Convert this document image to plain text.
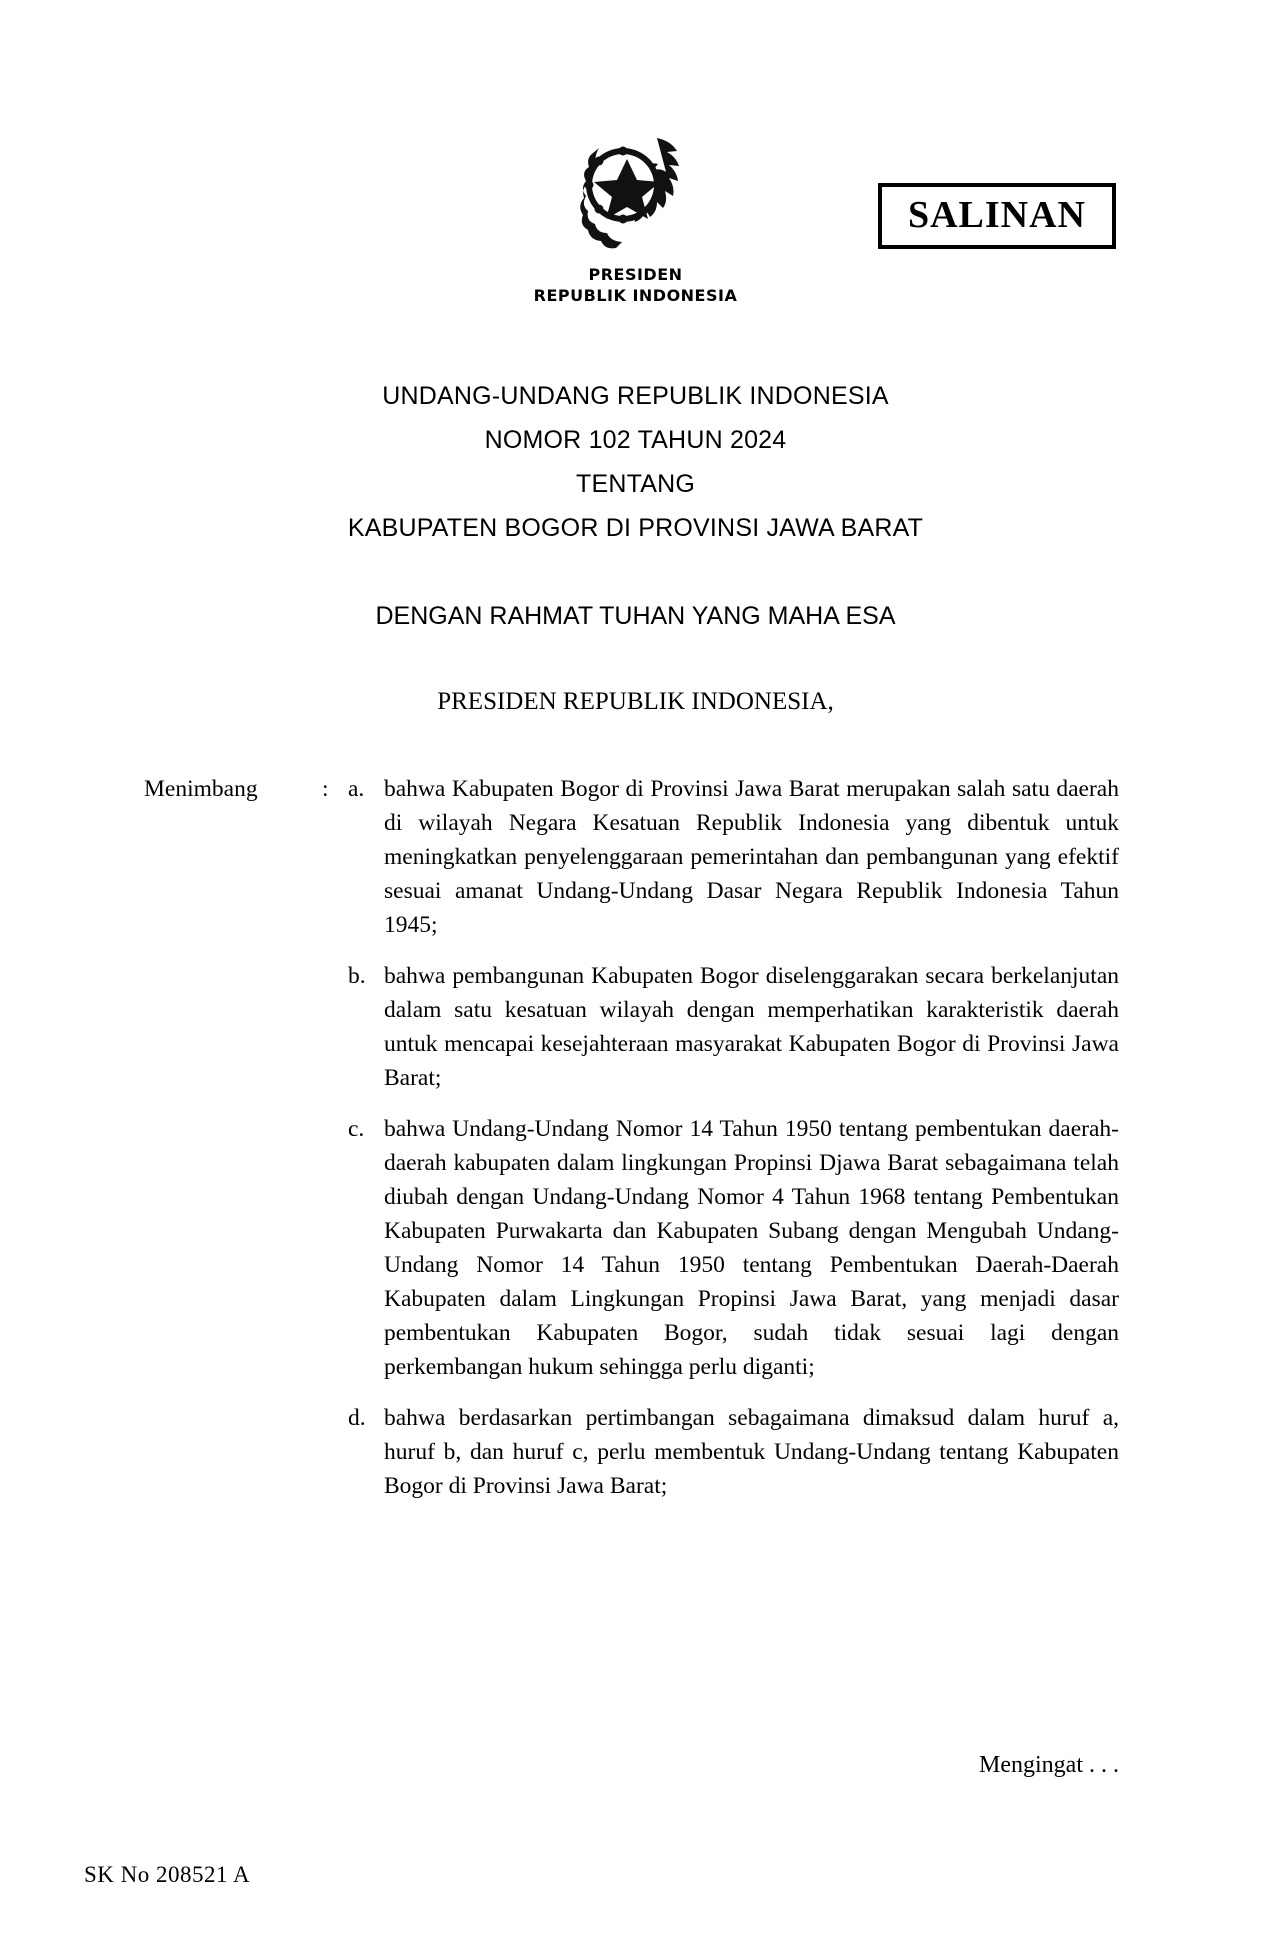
PRESIDEN
REPUBLIK INDONESIA
SALINAN
UNDANG-UNDANG REPUBLIK INDONESIA
NOMOR 102 TAHUN 2024
TENTANG
KABUPATEN BOGOR DI PROVINSI JAWA BARAT
DENGAN RAHMAT TUHAN YANG MAHA ESA
PRESIDEN REPUBLIK INDONESIA,
Menimbang	: a. bahwa Kabupaten Bogor di Provinsi Jawa Barat merupakan salah satu daerah di wilayah Negara Kesatuan Republik Indonesia yang dibentuk untuk meningkatkan penyelenggaraan pemerintahan dan pembangunan yang efektif sesuai amanat Undang-Undang Dasar Negara Republik Indonesia Tahun 1945;
b. bahwa pembangunan Kabupaten Bogor diselenggarakan secara berkelanjutan dalam satu kesatuan wilayah dengan memperhatikan karakteristik daerah untuk mencapai kesejahteraan masyarakat Kabupaten Bogor di Provinsi Jawa Barat;
c. bahwa Undang-Undang Nomor 14 Tahun 1950 tentang pembentukan daerah-daerah kabupaten dalam lingkungan Propinsi Djawa Barat sebagaimana telah diubah dengan Undang-Undang Nomor 4 Tahun 1968 tentang Pembentukan Kabupaten Purwakarta dan Kabupaten Subang dengan Mengubah Undang-Undang Nomor 14 Tahun 1950 tentang Pembentukan Daerah-Daerah Kabupaten dalam Lingkungan Propinsi Jawa Barat, yang menjadi dasar pembentukan Kabupaten Bogor, sudah tidak sesuai lagi dengan perkembangan hukum sehingga perlu diganti;
d. bahwa berdasarkan pertimbangan sebagaimana dimaksud dalam huruf a, huruf b, dan huruf c, perlu membentuk Undang-Undang tentang Kabupaten Bogor di Provinsi Jawa Barat;
Mengingat . . .
SK No 208521 A
